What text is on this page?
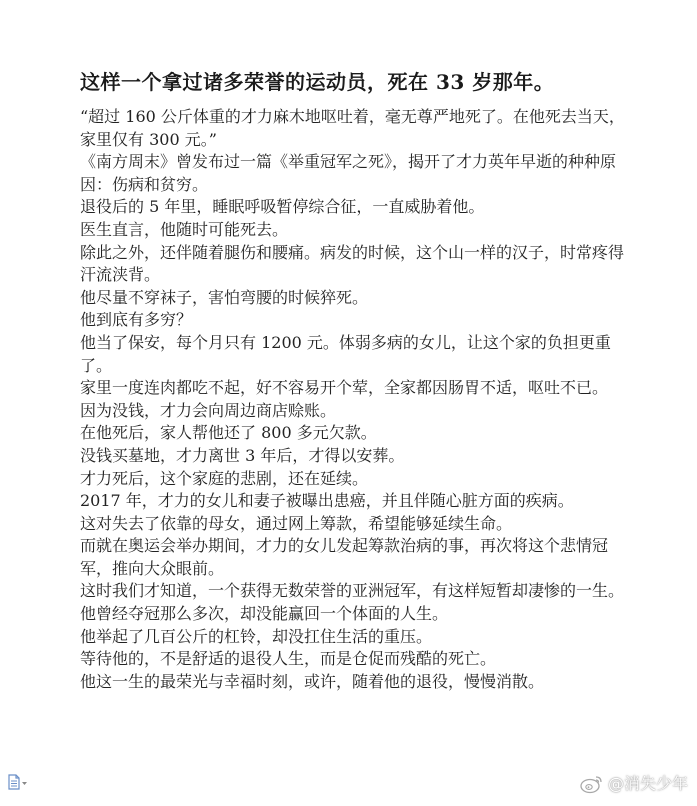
这样一个拿过诸多荣誉的运动员，死在 33 岁那年。

“超过 160 公斤体重的才力麻木地呕吐着，毫无尊严地死了。在他死去当天，家里仅有 300 元。”

《南方周末》曾发布过一篇《举重冠军之死》，揭开了才力英年早逝的种种原因：伤病和贫穷。

退役后的 5 年里，睡眠呼吸暂停综合征，一直威胁着他。

医生直言，他随时可能死去。

除此之外，还伴随着腿伤和腰痛。病发的时候，这个山一样的汉子，时常疼得汗流浃背。

他尽量不穿袜子，害怕弯腰的时候猝死。

他到底有多穷？

他当了保安，每个月只有 1200 元。体弱多病的女儿，让这个家的负担更重了。

家里一度连肉都吃不起，好不容易开个荤，全家都因肠胃不适，呕吐不已。

因为没钱，才力会向周边商店赊账。

在他死后，家人帮他还了 800 多元欠款。

没钱买墓地，才力离世 3 年后，才得以安葬。

才力死后，这个家庭的悲剧，还在延续。

2017 年，才力的女儿和妻子被曝出患癌，并且伴随心脏方面的疾病。

这对失去了依靠的母女，通过网上筹款，希望能够延续生命。

而就在奥运会举办期间，才力的女儿发起筹款治病的事，再次将这个悲情冠军，推向大众眼前。

这时我们才知道，一个获得无数荣誉的亚洲冠军，有这样短暂却凄惨的一生。

他曾经夺冠那么多次，却没能赢回一个体面的人生。

他举起了几百公斤的杠铃，却没扛住生活的重压。

等待他的，不是舒适的退役人生，而是仓促而残酷的死亡。

他这一生的最荣光与幸福时刻，或许，随着他的退役，慢慢消散。

@消失少年
